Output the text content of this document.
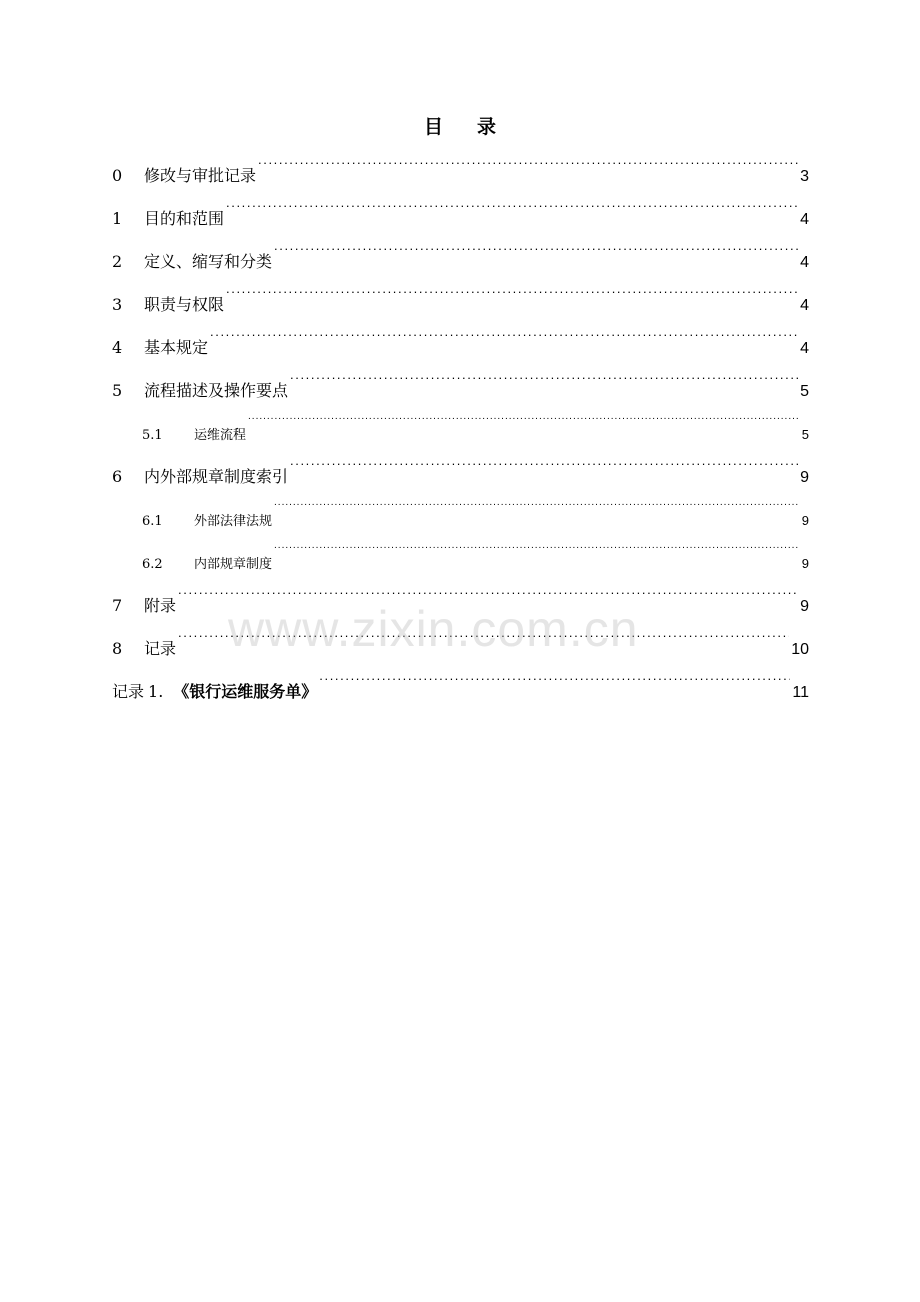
目 录
0	修改与审批记录 .....	3
1	目的和范围 .....	4
2	定义、缩写和分类 .....	4
3	职责与权限 .....	4
4	基本规定 .....	4
5	流程描述及操作要点 .....	5
5.1	运维流程 .....	5
6	内外部规章制度索引 .....	9
6.1	外部法律法规 .....	9
6.2	内部规章制度 .....	9
7	附录 .....	9
8	记录 .....	10
记录 1. 《银行运维服务单》 .....	11
www.zixin.com.cn
